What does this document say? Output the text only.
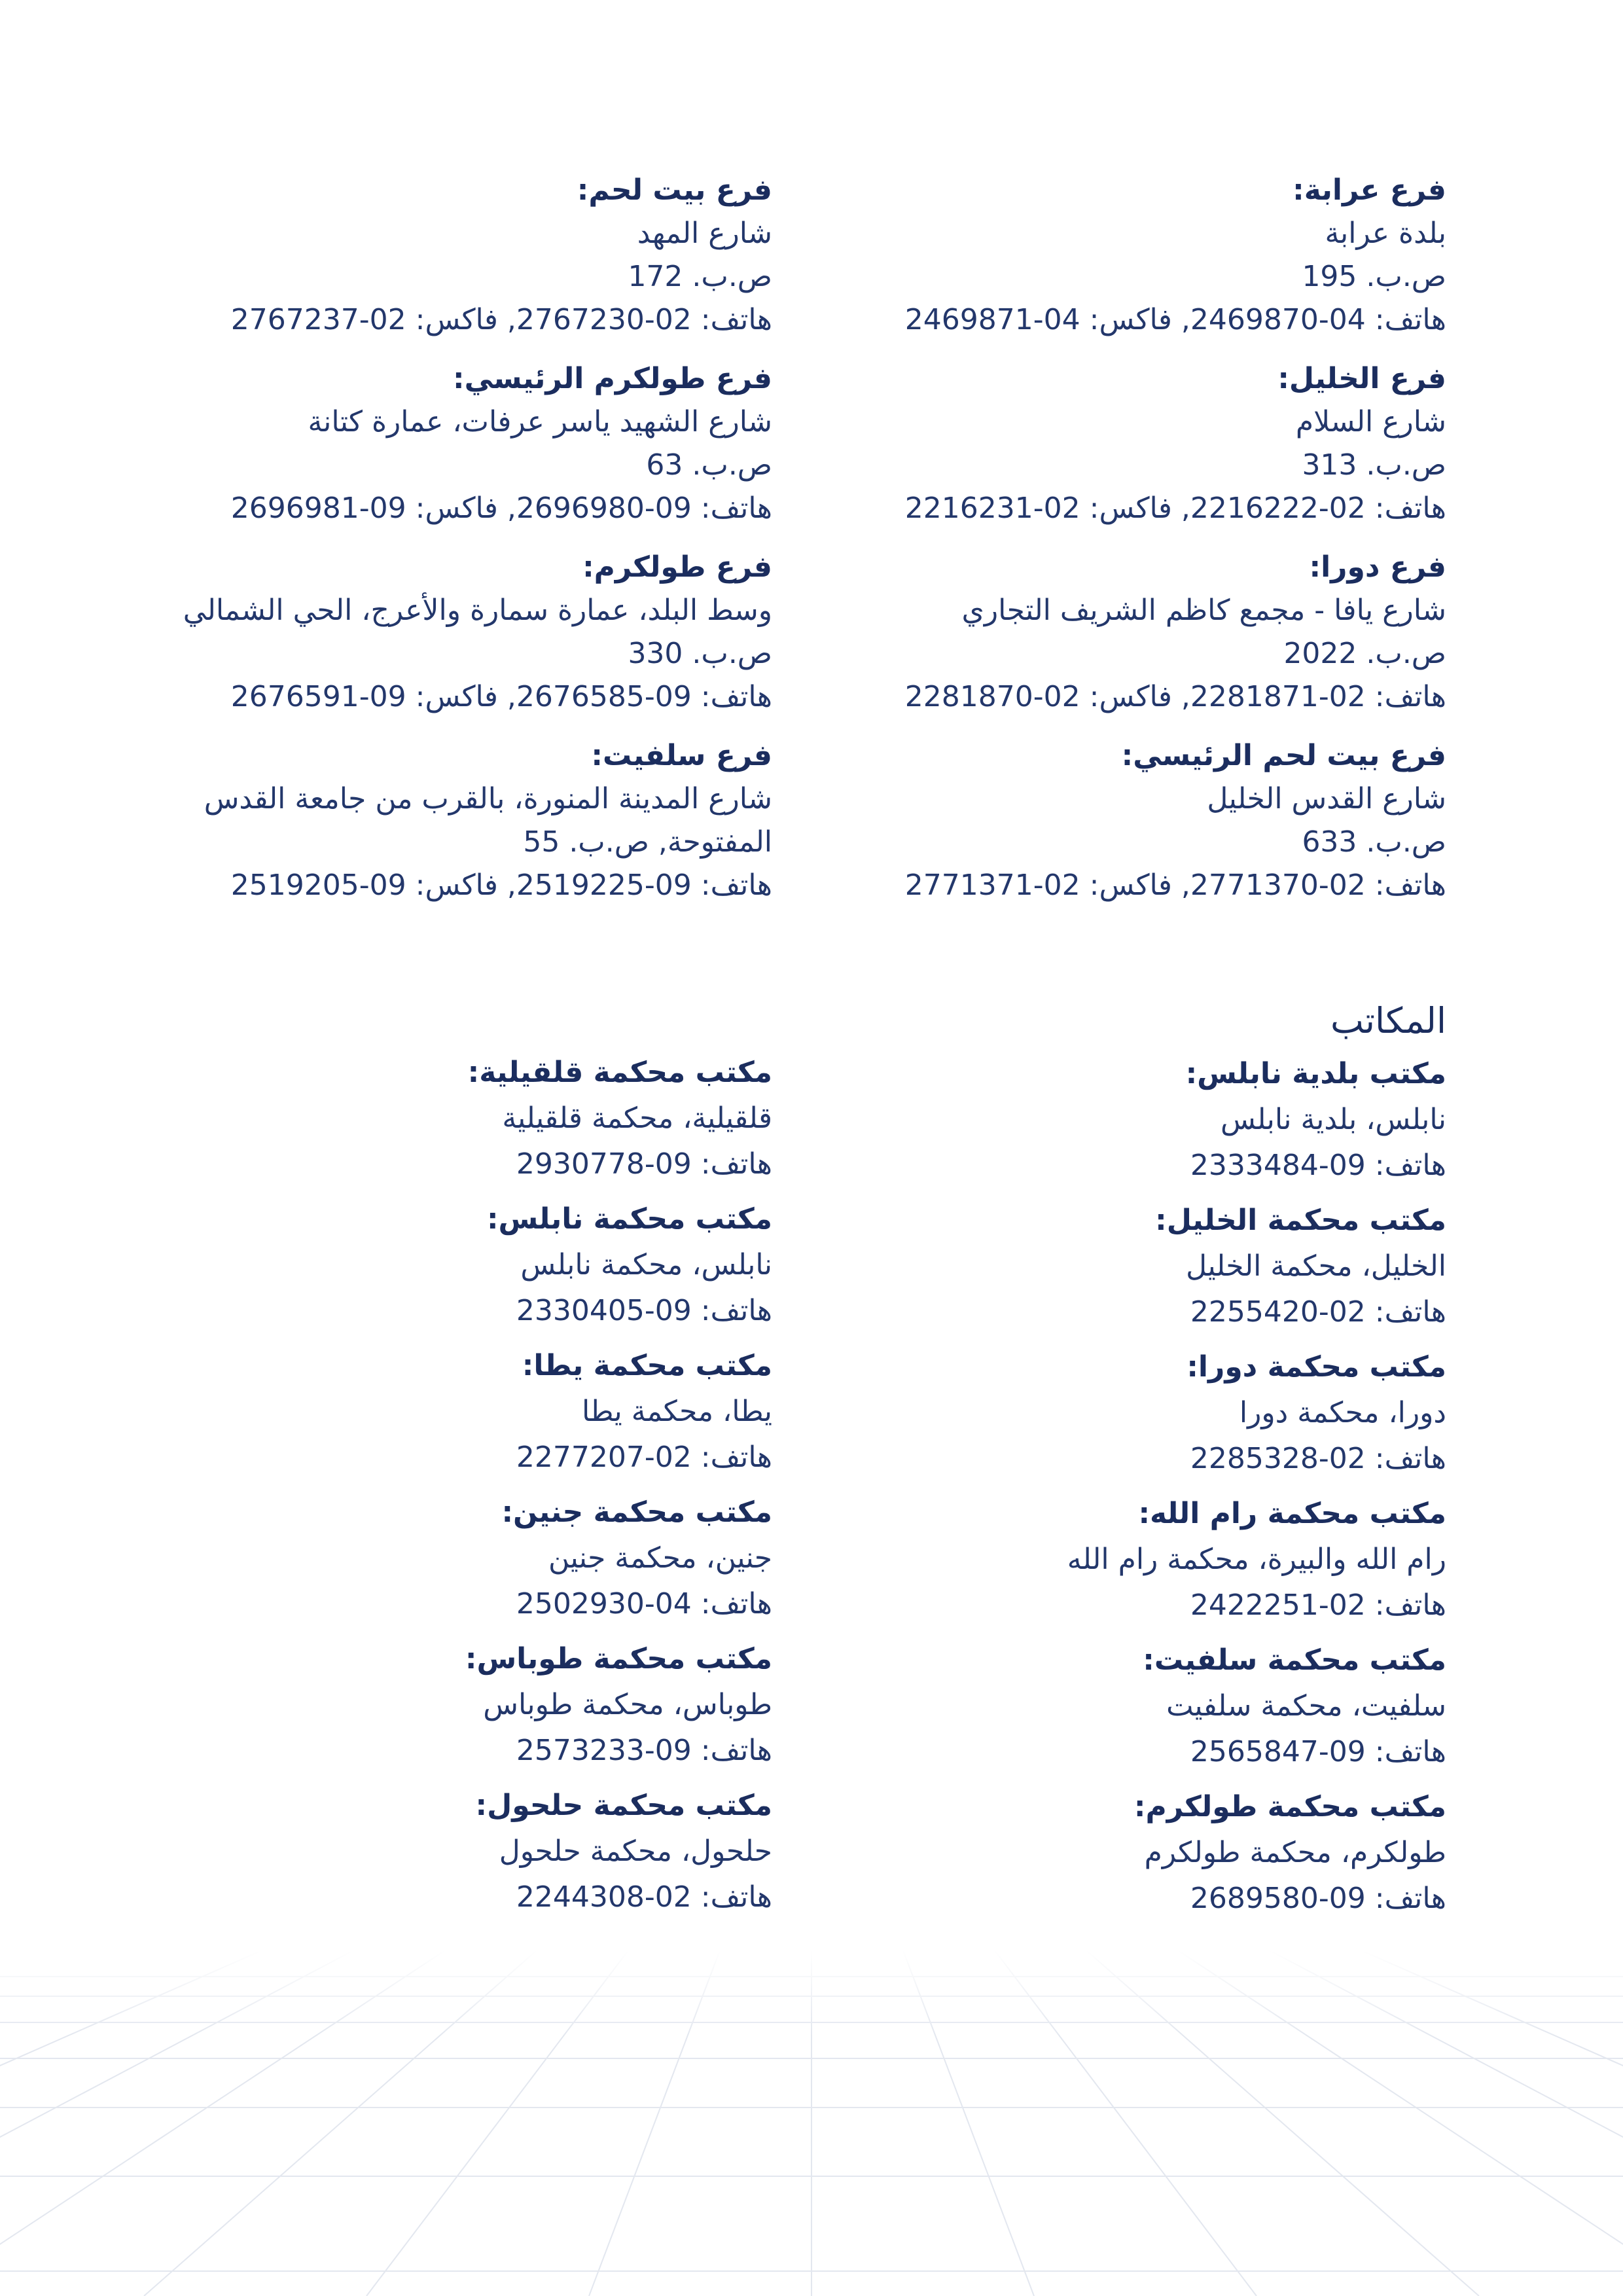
فرع عرابة:
بلدة عرابة
ص.ب. 195
هاتف: 04-2469870, فاكس: 04-2469871
فرع الخليل:
شارع السلام
ص.ب. 313
هاتف: 02-2216222, فاكس: 02-2216231
فرع دورا:
شارع يافا - مجمع كاظم الشريف التجاري
ص.ب. 2022
هاتف: 02-2281871, فاكس: 02-2281870
فرع بيت لحم الرئيسي:
شارع القدس الخليل
ص.ب. 633
هاتف: 02-2771370, فاكس: 02-2771371
فرع بيت لحم:
شارع المهد
ص.ب. 172
هاتف: 02-2767230, فاكس: 02-2767237
فرع طولكرم الرئيسي:
شارع الشهيد ياسر عرفات، عمارة كتانة
ص.ب. 63
هاتف: 09-2696980, فاكس: 09-2696981
فرع طولكرم:
وسط البلد، عمارة سمارة والأعرج، الحي الشمالي
ص.ب. 330
هاتف: 09-2676585, فاكس: 09-2676591
فرع سلفيت:
شارع المدينة المنورة، بالقرب من جامعة القدس
المفتوحة, ص.ب. 55
هاتف: 09-2519225, فاكس: 09-2519205
المكاتب
مكتب بلدية نابلس:
نابلس، بلدية نابلس
هاتف: 09-2333484
مكتب محكمة الخليل:
الخليل، محكمة الخليل
هاتف: 02-2255420
مكتب محكمة دورا:
دورا، محكمة دورا
هاتف: 02-2285328
مكتب محكمة رام الله:
رام الله والبيرة، محكمة رام الله
هاتف: 02-2422251
مكتب محكمة سلفيت:
سلفيت، محكمة سلفيت
هاتف: 09-2565847
مكتب محكمة طولكرم:
طولكرم، محكمة طولكرم
هاتف: 09-2689580
مكتب محكمة قلقيلية:
قلقيلية، محكمة قلقيلية
هاتف: 09-2930778
مكتب محكمة نابلس:
نابلس، محكمة نابلس
هاتف: 09-2330405
مكتب محكمة يطا:
يطا، محكمة يطا
هاتف: 02-2277207
مكتب محكمة جنين:
جنين، محكمة جنين
هاتف: 04-2502930
مكتب محكمة طوباس:
طوباس، محكمة طوباس
هاتف: 09-2573233
مكتب محكمة حلحول:
حلحول، محكمة حلحول
هاتف: 02-2244308
